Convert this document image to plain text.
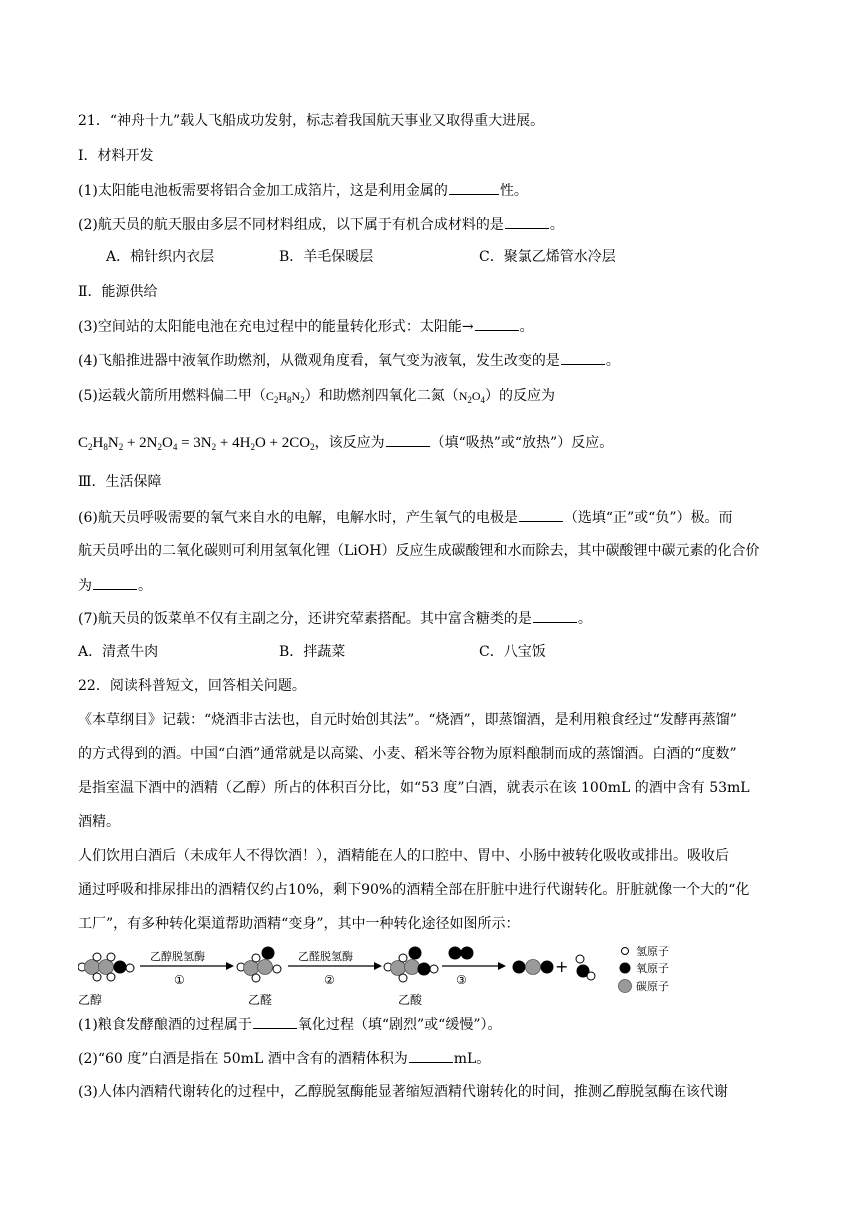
21．“神舟十九”载人飞船成功发射，标志着我国航天事业又取得重大进展。
Ⅰ．材料开发
(1)太阳能电池板需要将铝合金加工成箔片，这是利用金属的	性。
(2)航天员的航天服由多层不同材料组成，以下属于有机合成材料的是	。
A．棉针织内衣层	B．羊毛保暖层	C．聚氯乙烯管水冷层
Ⅱ．能源供给
(3)空间站的太阳能电池在充电过程中的能量转化形式：太阳能→	。
(4)飞船推进器中液氧作助燃剂，从微观角度看，氧气变为液氧，发生改变的是	。
(5)运载火箭所用燃料偏二甲$(C_2H_8N_2)$和助燃剂四氧化二氮$(N_2O_4)$的反应为
$C_2H_8N_2 + 2N_2O_4 = 3N_2 + 4H_2O + 2CO_2$，该反应为	（填“吸热”或“放热”）反应。
Ⅲ．生活保障
(6)航天员呼吸需要的氧气来自水的电解，电解水时，产生氧气的电极是	（选填“正”或“负”）极。而
航天员呼出的二氧化碳则可利用氢氧化锂（LiOH）反应生成碳酸锂和水而除去，其中碳酸锂中碳元素的化合价
为	。
(7)航天员的饭菜单不仅有主副之分，还讲究荤素搭配。其中富含糖类的是	。
A．清煮牛肉	B．拌蔬菜	C．八宝饭
22．阅读科普短文，回答相关问题。
《本草纲目》记载：“烧酒非古法也，自元时始创其法”。“烧酒”，即蒸馏酒，是利用粮食经过“发酵再蒸馏”
的方式得到的酒。中国“白酒”通常就是以高粱、小麦、稻米等谷物为原料酿制而成的蒸馏酒。白酒的“度数”
是指室温下酒中的酒精（乙醇）所占的体积百分比，如“53 度”白酒，就表示在该 100mL 的酒中含有 53mL
酒精。
人们饮用白酒后（未成年人不得饮酒！），酒精能在人的口腔中、胃中、小肠中被转化吸收或排出。吸收后
通过呼吸和排尿排出的酒精仅约占10%，剩下90%的酒精全部在肝脏中进行代谢转化。肝脏就像一个大的“化
工厂”，有多种转化渠道帮助酒精“变身”，其中一种转化途径如图所示：
乙醇
乙醇脱氢酶
①
乙醛
乙醛脱氢酶
②
乙酸
③
+
氢原子
氧原子
碳原子
(1)粮食发酵酿酒的过程属于	氧化过程（填“剧烈”或“缓慢”）。
(2)“60 度”白酒是指在 50mL 酒中含有的酒精体积为	mL。
(3)人体内酒精代谢转化的过程中，乙醇脱氢酶能显著缩短酒精代谢转化的时间，推测乙醇脱氢酶在该代谢
